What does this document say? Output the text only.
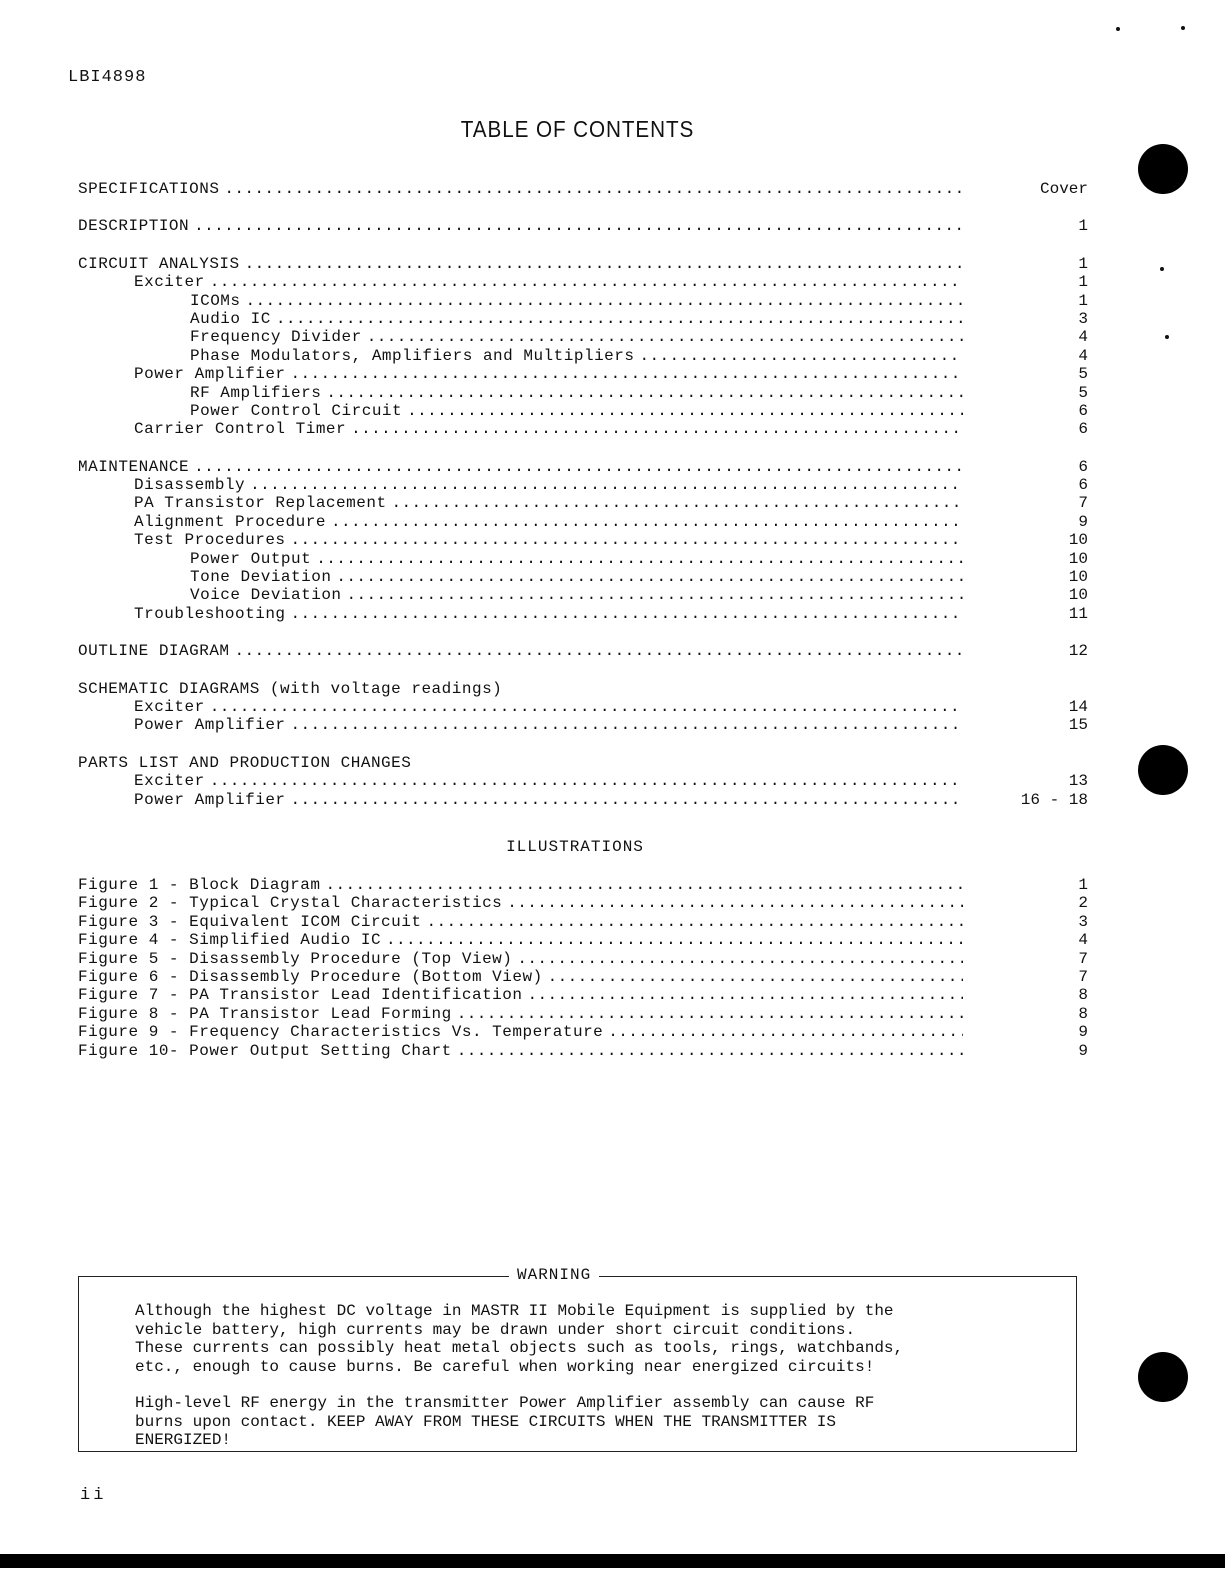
LBI4898
TABLE OF CONTENTS
SPECIFICATIONS . . .	Cover
DESCRIPTION . . .	1
CIRCUIT ANALYSIS . . .	1
Exciter . . .	1
ICOMs . . .	1
Audio IC . . .	3
Frequency Divider . . .	4
Phase Modulators, Amplifiers and Multipliers . . .	4
Power Amplifier . . .	5
RF Amplifiers . . .	5
Power Control Circuit . . .	6
Carrier Control Timer . . .	6
MAINTENANCE . . .	6
Disassembly . . .	6
PA Transistor Replacement . . .	7
Alignment Procedure . . .	9
Test Procedures . . .	10
Power Output . . .	10
Tone Deviation . . .	10
Voice Deviation . . .	10
Troubleshooting . . .	11
OUTLINE DIAGRAM . . .	12
SCHEMATIC DIAGRAMS (with voltage readings)
Exciter . . .	14
Power Amplifier . . .	15
PARTS LIST AND PRODUCTION CHANGES
Exciter . . .	13
Power Amplifier . . .	16 - 18
ILLUSTRATIONS
Figure 1 - Block Diagram . . .	1
Figure 2 - Typical Crystal Characteristics . . .	2
Figure 3 - Equivalent ICOM Circuit . . .	3
Figure 4 - Simplified Audio IC . . .	4
Figure 5 - Disassembly Procedure (Top View) . . .	7
Figure 6 - Disassembly Procedure (Bottom View) . . .	7
Figure 7 - PA Transistor Lead Identification . . .	8
Figure 8 - PA Transistor Lead Forming . . .	8
Figure 9 - Frequency Characteristics Vs. Temperature . . .	9
Figure 10- Power Output Setting Chart . . .	9
WARNING

Although the highest DC voltage in MASTR II Mobile Equipment is supplied by the
vehicle battery, high currents may be drawn under short circuit conditions.
These currents can possibly heat metal objects such as tools, rings, watchbands,
etc., enough to cause burns. Be careful when working near energized circuits!

High-level RF energy in the transmitter Power Amplifier assembly can cause RF
burns upon contact. KEEP AWAY FROM THESE CIRCUITS WHEN THE TRANSMITTER IS
ENERGIZED!

ii
